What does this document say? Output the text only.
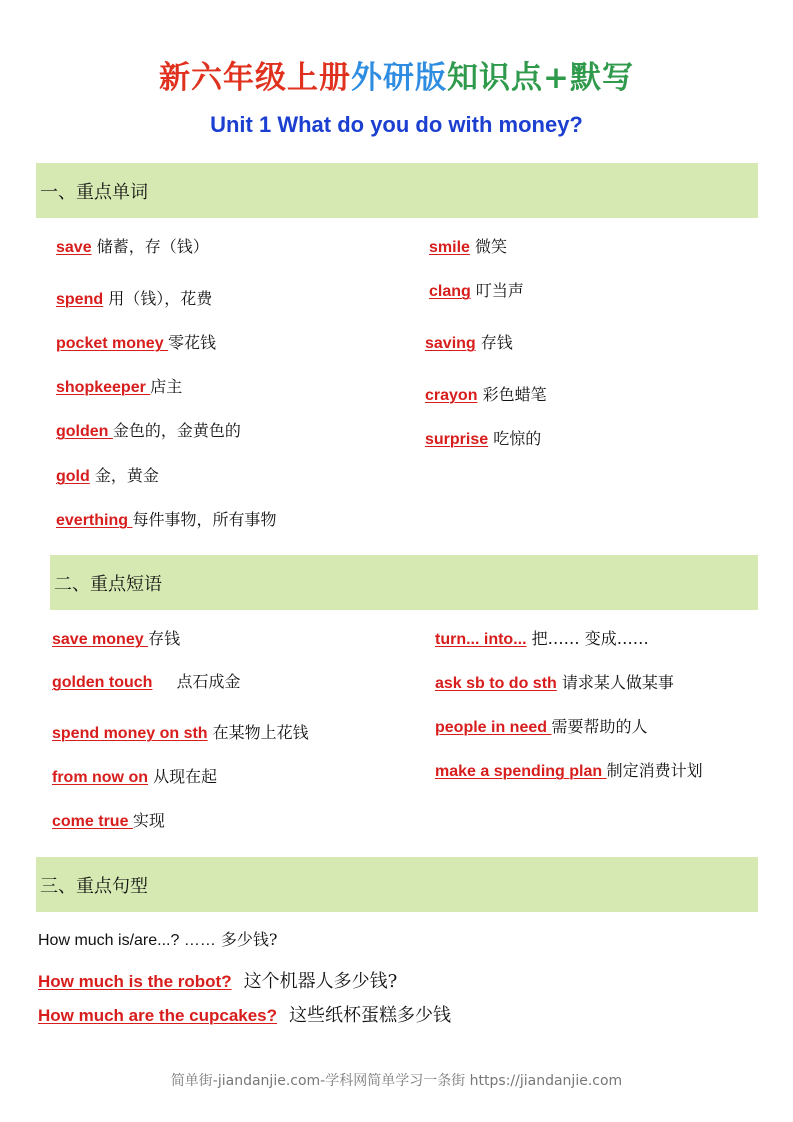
新六年级上册外研版知识点+默写
Unit 1 What do you do with money?
一、重点单词
save 储蓄，存（钱）
spend 用（钱），花费
pocket money 零花钱
shopkeeper 店主
golden 金色的，金黄色的
gold 金，黄金
everthing 每件事物，所有事物
smile 微笑
clang 叮当声
saving 存钱
crayon 彩色蜡笔
surprise 吃惊的
二、重点短语
save money 存钱
golden touch 点石成金
spend money on sth 在某物上花钱
from now on 从现在起
come true 实现
turn... into... 把…… 变成……
ask sb to do sth 请求某人做某事
people in need 需要帮助的人
make a spending plan 制定消费计划
三、重点句型
How much is/are...? …… 多少钱?
How much is the robot? 这个机器人多少钱?
How much are the cupcakes? 这些纸杯蛋糕多少钱
简单街-jiandanjie.com-学科网简单学习一条街 https://jiandanjie.com
